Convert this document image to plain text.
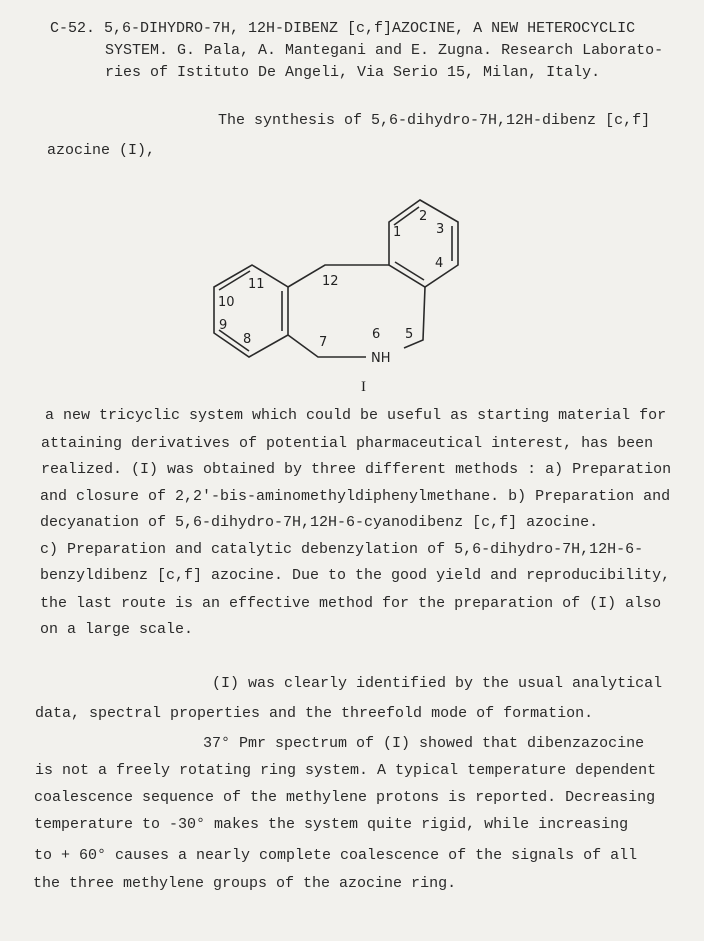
C-52. 5,6-DIHYDRO-7H, 12H-DIBENZ [c,f]AZOCINE, A NEW HETEROCYCLIC
SYSTEM. G. Pala, A. Mantegani and E. Zugna. Research Laborato-
ries of Istituto De Angeli, Via Serio 15, Milan, Italy.
The synthesis of 5,6-dihydro-7H,12H-dibenz [c,f]
azocine (I),
1
2
3
4
5
6
7
8
9
10
11	12
NH
I
a new tricyclic system which could be useful as starting material for
attaining derivatives of potential pharmaceutical interest, has been
realized. (I) was obtained by three different methods : a) Preparation
and closure of 2,2'-bis-aminomethyldiphenylmethane. b) Preparation and
decyanation of 5,6-dihydro-7H,12H-6-cyanodibenz [c,f] azocine.
c) Preparation and catalytic debenzylation of 5,6-dihydro-7H,12H-6-
benzyldibenz [c,f] azocine. Due to the good yield and reproducibility,
the last route is an effective method for the preparation of (I) also
on a large scale.
(I) was clearly identified by the usual analytical
data, spectral properties and the threefold mode of formation.
37° Pmr spectrum of (I) showed that dibenzazocine
is not a freely rotating ring system. A typical temperature dependent
coalescence sequence of the methylene protons is reported. Decreasing
temperature to -30° makes the system quite rigid, while increasing
to + 60° causes a nearly complete coalescence of the signals of all
the three methylene groups of the azocine ring.
